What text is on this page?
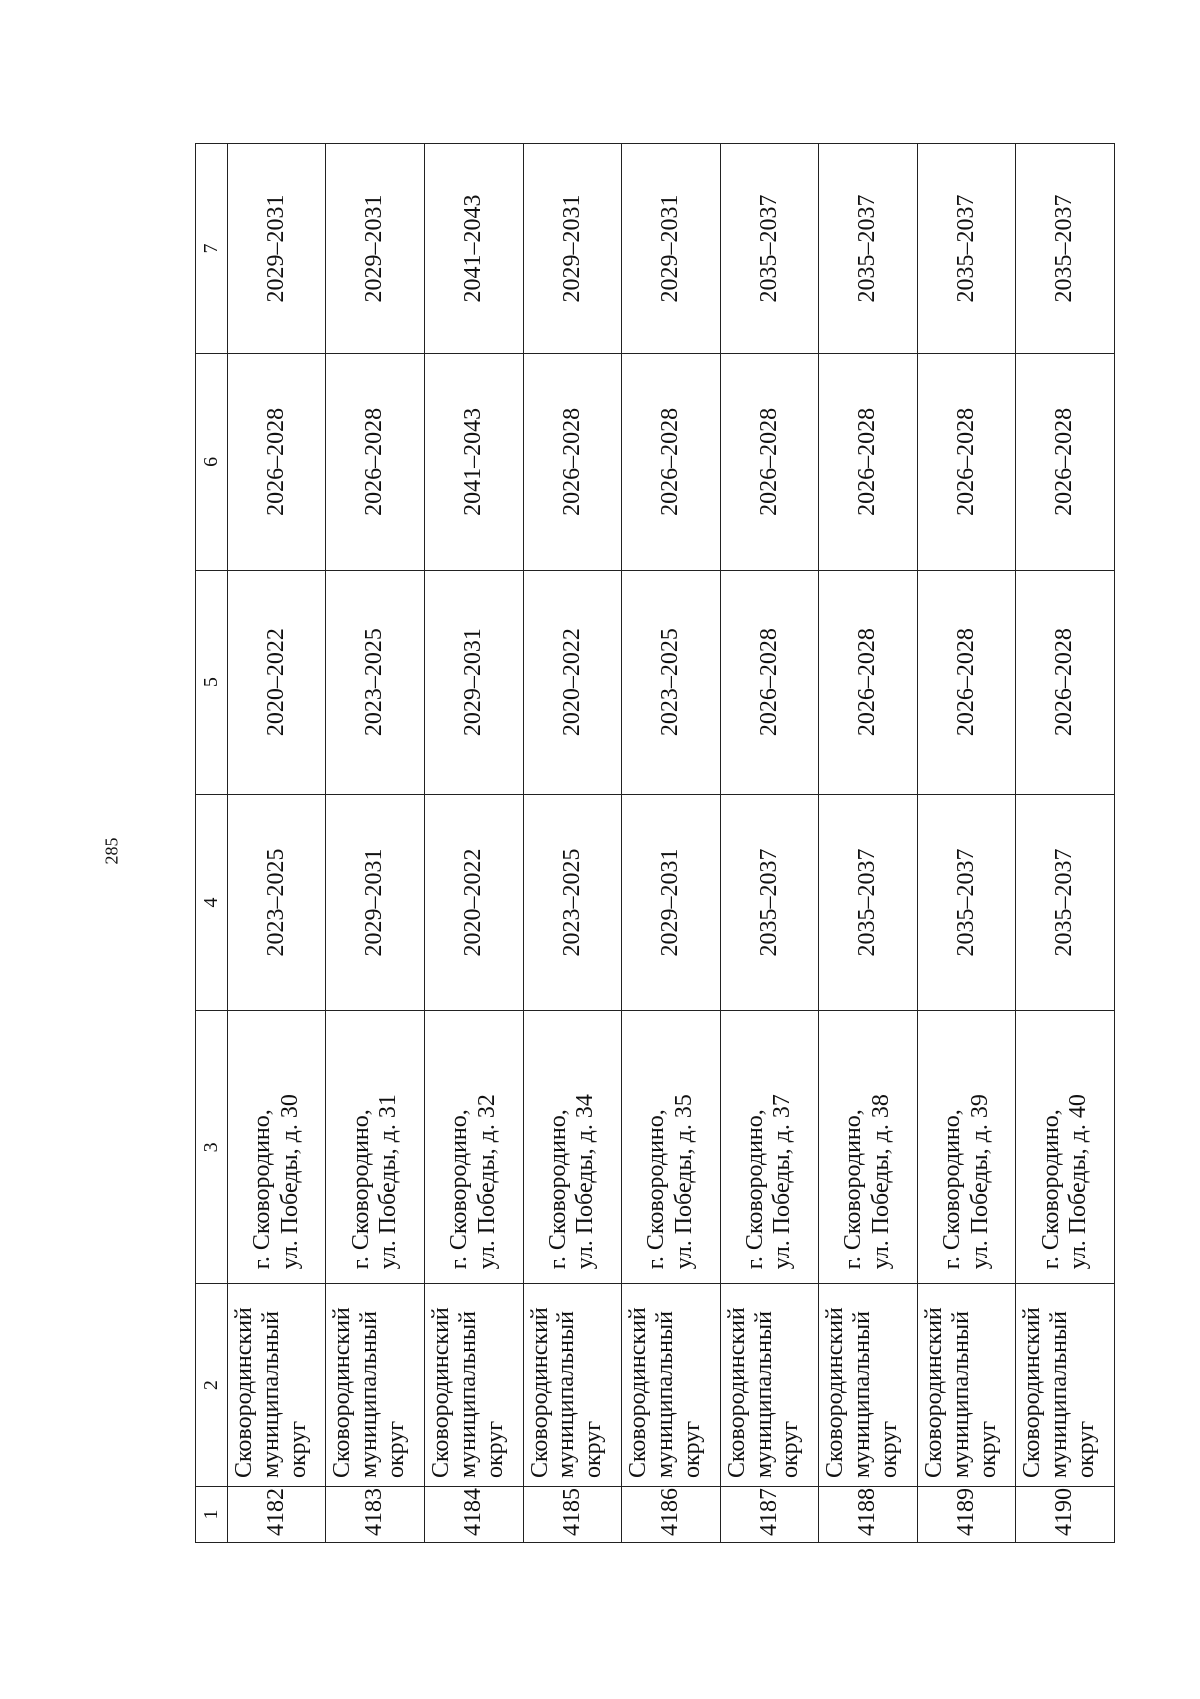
285
1	2	3	4	5	6	7
4182	Сковородинский муниципальный округ	г. Сковородино, ул. Победы, д. 30	2023–2025	2020–2022	2026–2028	2029–2031
4183	Сковородинский муниципальный округ	г. Сковородино, ул. Победы, д. 31	2029–2031	2023–2025	2026–2028	2029–2031
4184	Сковородинский муниципальный округ	г. Сковородино, ул. Победы, д. 32	2020–2022	2029–2031	2041–2043	2041–2043
4185	Сковородинский муниципальный округ	г. Сковородино, ул. Победы, д. 34	2023–2025	2020–2022	2026–2028	2029–2031
4186	Сковородинский муниципальный округ	г. Сковородино, ул. Победы, д. 35	2029–2031	2023–2025	2026–2028	2029–2031
4187	Сковородинский муниципальный округ	г. Сковородино, ул. Победы, д. 37	2035–2037	2026–2028	2026–2028	2035–2037
4188	Сковородинский муниципальный округ	г. Сковородино, ул. Победы, д. 38	2035–2037	2026–2028	2026–2028	2035–2037
4189	Сковородинский муниципальный округ	г. Сковородино, ул. Победы, д. 39	2035–2037	2026–2028	2026–2028	2035–2037
4190	Сковородинский муниципальный округ	г. Сковородино, ул. Победы, д. 40	2035–2037	2026–2028	2026–2028	2035–2037
